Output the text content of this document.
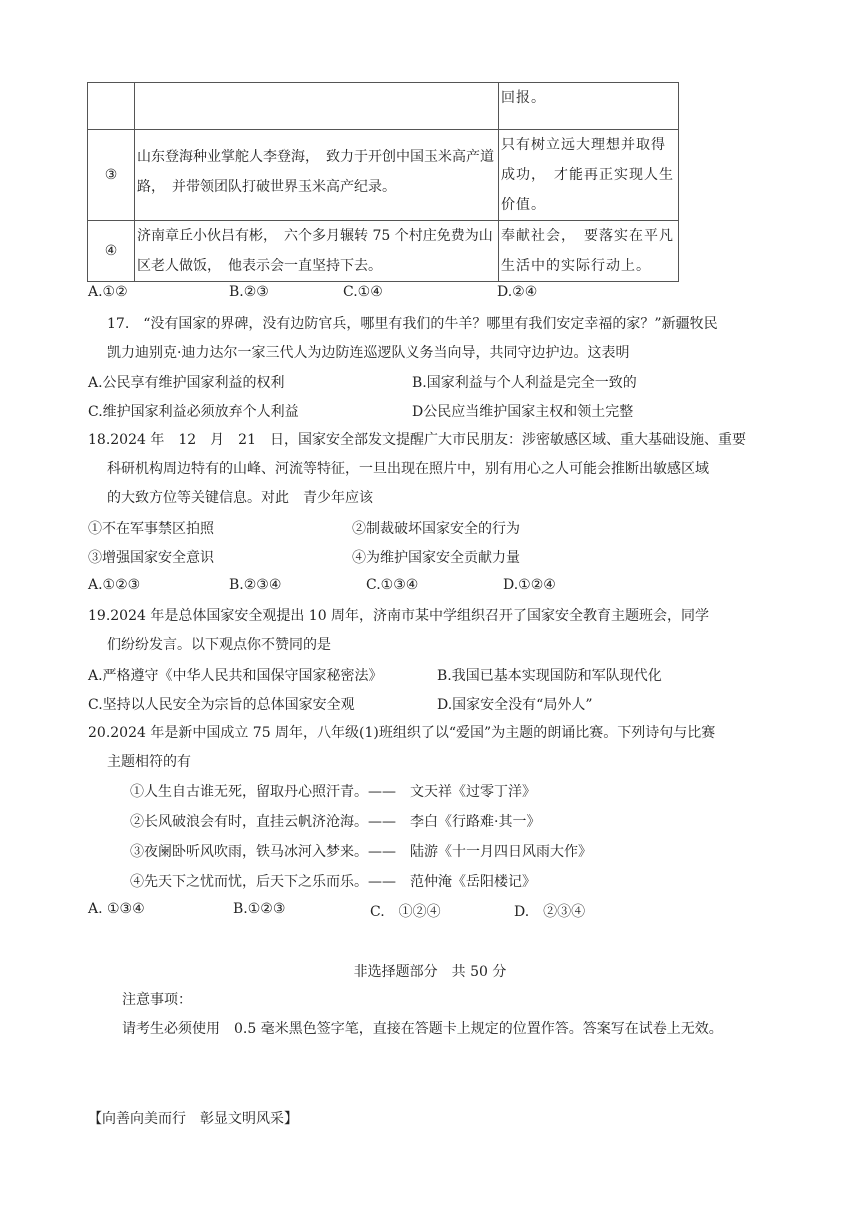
		回报。
③	山东登海种业掌舵人李登海，　致力于开创中国玉米高产道路，　并带领团队打破世界玉米高产纪录。	只有树立远大理想并取得成功，　才能再正实现人生价值。
④	济南章丘小伙吕有彬，　六个多月辗转 75 个村庄免费为山区老人做饭，　他表示会一直坚持下去。	奉献社会，　要落实在平凡生活中的实际行动上。
A.①②	B.②③	C.①④	D.②④
17.　“没有国家的界碑，没有边防官兵，哪里有我们的牛羊？哪里有我们安定幸福的家？”新疆牧民
凯力迪别克·迪力达尔一家三代人为边防连巡逻队义务当向导，共同守边护边。这表明
A.公民享有维护国家利益的权利	B.国家利益与个人利益是完全一致的
C.维护国家利益必须放弃个人利益	D公民应当维护国家主权和领土完整
18.2024 年　12　月　21　日，国家安全部发文提醒广大市民朋友：涉密敏感区域、重大基础设施、重要
科研机构周边特有的山峰、河流等特征，一旦出现在照片中，别有用心之人可能会推断出敏感区域
的大致方位等关键信息。对此　青少年应该
①不在军事禁区拍照	②制裁破坏国家安全的行为
③增强国家安全意识	④为维护国家安全贡献力量
A.①②③	B.②③④	C.①③④	D.①②④
19.2024 年是总体国家安全观提出 10 周年，济南市某中学组织召开了国家安全教育主题班会，同学
们纷纷发言。以下观点你不赞同的是
A.严格遵守《中华人民共和国保守国家秘密法》	B.我国已基本实现国防和军队现代化
C.坚持以人民安全为宗旨的总体国家安全观	D.国家安全没有“局外人”
20.2024 年是新中国成立 75 周年，八年级(1)班组织了以“爱国”为主题的朗诵比赛。下列诗句与比赛
主题相符的有
①人生自古谁无死，留取丹心照汗青。——　文天祥《过零丁洋》
②长风破浪会有时，直挂云帆济沧海。——　李白《行路难·其一》
③夜阑卧听风吹雨，铁马冰河入梦来。——　陆游《十一月四日风雨大作》
④先天下之忧而忧，后天下之乐而乐。——　范仲淹《岳阳楼记》
A. ①③④	B.①②③	C.　①②④	D.　②③④
非选择题部分　共 50 分
注意事项：
请考生必须使用　0.5 毫米黑色签字笔，直接在答题卡上规定的位置作答。答案写在试卷上无效。
【向善向美而行　彰显文明风采】
